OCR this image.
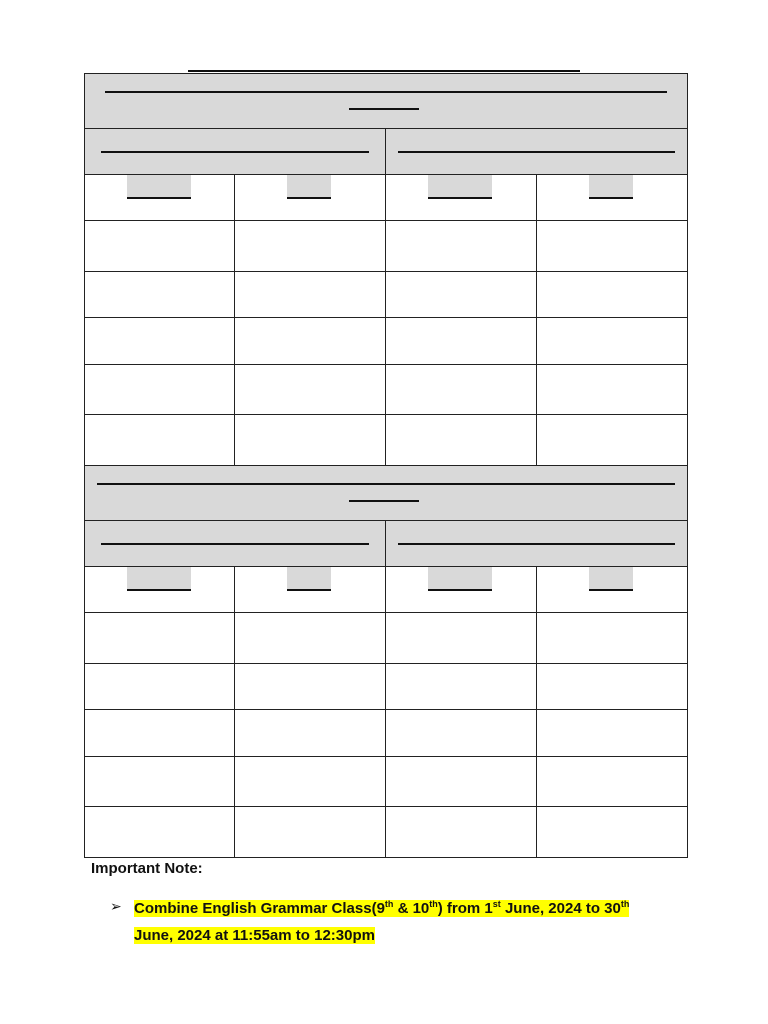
Important Note:
➢ Combine English Grammar Class(9th & 10th) from 1st June, 2024 to 30th
June, 2024 at 11:55am to 12:30pm
